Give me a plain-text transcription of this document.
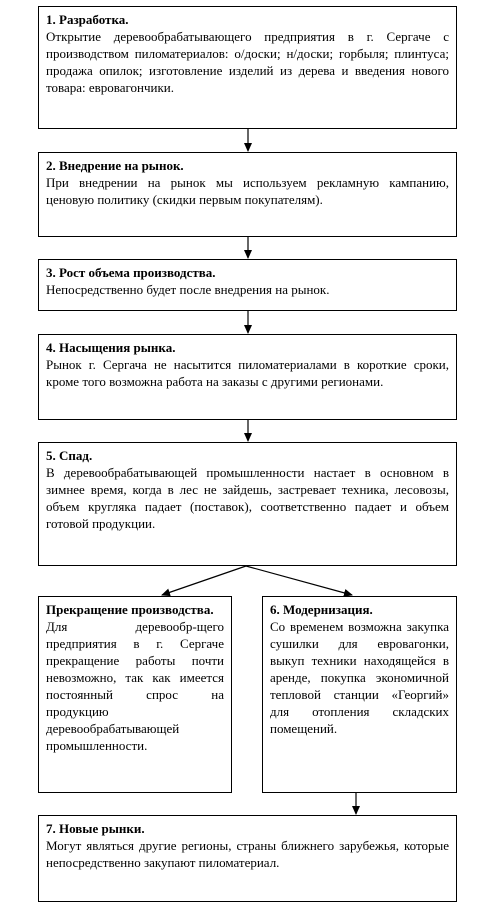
1. Разработка.
Открытие деревообрабатывающего предприятия в г. Сергаче с производством пиломатериалов: о/доски; н/доски; горбыля; плинтуса; продажа опилок; изготовление изделий из дерева и введения нового товара: евровагончики.
2. Внедрение на рынок.
При внедрении на рынок мы используем рекламную кампанию, ценовую политику (скидки первым покупателям).
3. Рост объема производства.
Непосредственно будет после внедрения на рынок.
4. Насыщения рынка.
Рынок г. Сергача не насытится пиломатериалами в короткие сроки, кроме того возможна работа на заказы с другими регионами.
5. Спад.
В деревообрабатывающей промышленности настает в основном в зимнее время, когда в лес не зайдешь, застревает техника, лесовозы, объем кругляка падает (поставок), соответственно падает и объем готовой продукции.
Прекращение производства.
Для деревообр-щего предприятия в г. Сергаче прекращение работы почти невозможно, так как имеется постоянный спрос на продукцию деревообрабатывающей промышленности.
6. Модернизация.
Со временем возможна закупка сушилки для евровагонки, выкуп техники находящейся в аренде, покупка экономичной тепловой станции «Георгий» для отопления складских помещений.
7. Новые рынки.
Могут являться другие регионы, страны ближнего зарубежья, которые непосредственно закупают пиломатериал.
